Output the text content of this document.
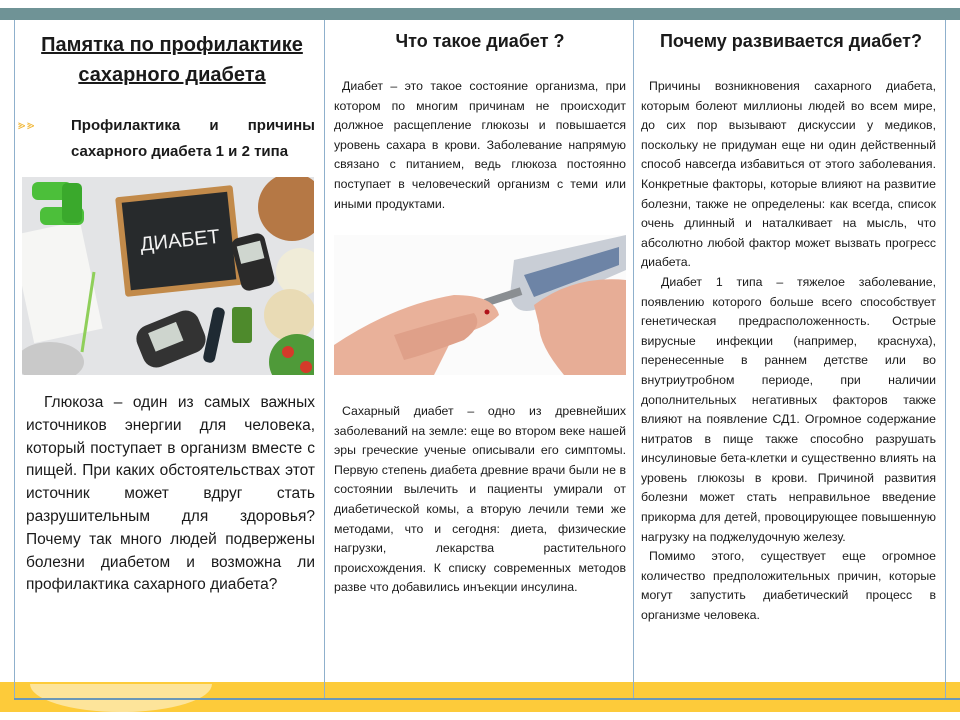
Памятка по профилактике сахарного диабета
⪢ ⪢	Профилактика и причины сахарного диабета 1 и 2 типа
ДИАБЕТ
Глюкоза – один из самых важных источников энергии для человека, который поступает в организм вместе с пищей. При каких обстоятельствах этот источник может вдруг стать разрушительным для здоровья? Почему так много людей подвержены болезни диабетом и возможна ли профилактика сахарного диабета?
Что такое диабет ?

Диабет – это такое состояние организма, при котором по многим причинам не происходит должное расщепление глюкозы и повышается уровень сахара в крови. Заболевание напрямую связано с питанием, ведь глюкоза постоянно поступает в человеческий организм с теми или иными продуктами.

Сахарный диабет – одно из древнейших заболеваний на земле: еще во втором веке нашей эры греческие ученые описывали его симптомы. Первую степень диабета древние врачи были не в состоянии вылечить и пациенты умирали от диабетической комы, а вторую лечили теми же методами, что и сегодня: диета, физические нагрузки, лекарства растительного происхождения. К списку современных методов разве что добавились инъекции инсулина.

Почему развивается диабет?

Причины возникновения сахарного диабета, которым болеют миллионы людей во всем мире, до сих пор вызывают дискуссии у медиков, поскольку не придуман еще ни один действенный способ навсегда избавиться от этого заболевания. Конкретные факторы, которые влияют на развитие болезни, также не определены: как всегда, список очень длинный и наталкивает на мысль, что абсолютно любой фактор может вызвать прогресс диабета.

Диабет 1 типа – тяжелое заболевание, появлению которого больше всего способствует генетическая предрасположенность. Острые вирусные инфекции (например, краснуха), перенесенные в раннем детстве или во внутриутробном периоде, при наличии дополнительных негативных факторов также влияют на появление СД1. Огромное содержание нитратов в пище также способно разрушать инсулиновые бета-клетки и существенно влиять на уровень глюкозы в крови. Причиной развития болезни может стать неправильное введение прикорма для детей, провоцирующее повышенную нагрузку на поджелудочную железу.

Помимо этого, существует еще огромное количество предположительных причин, которые могут запустить диабетический процесс в организме человека.
